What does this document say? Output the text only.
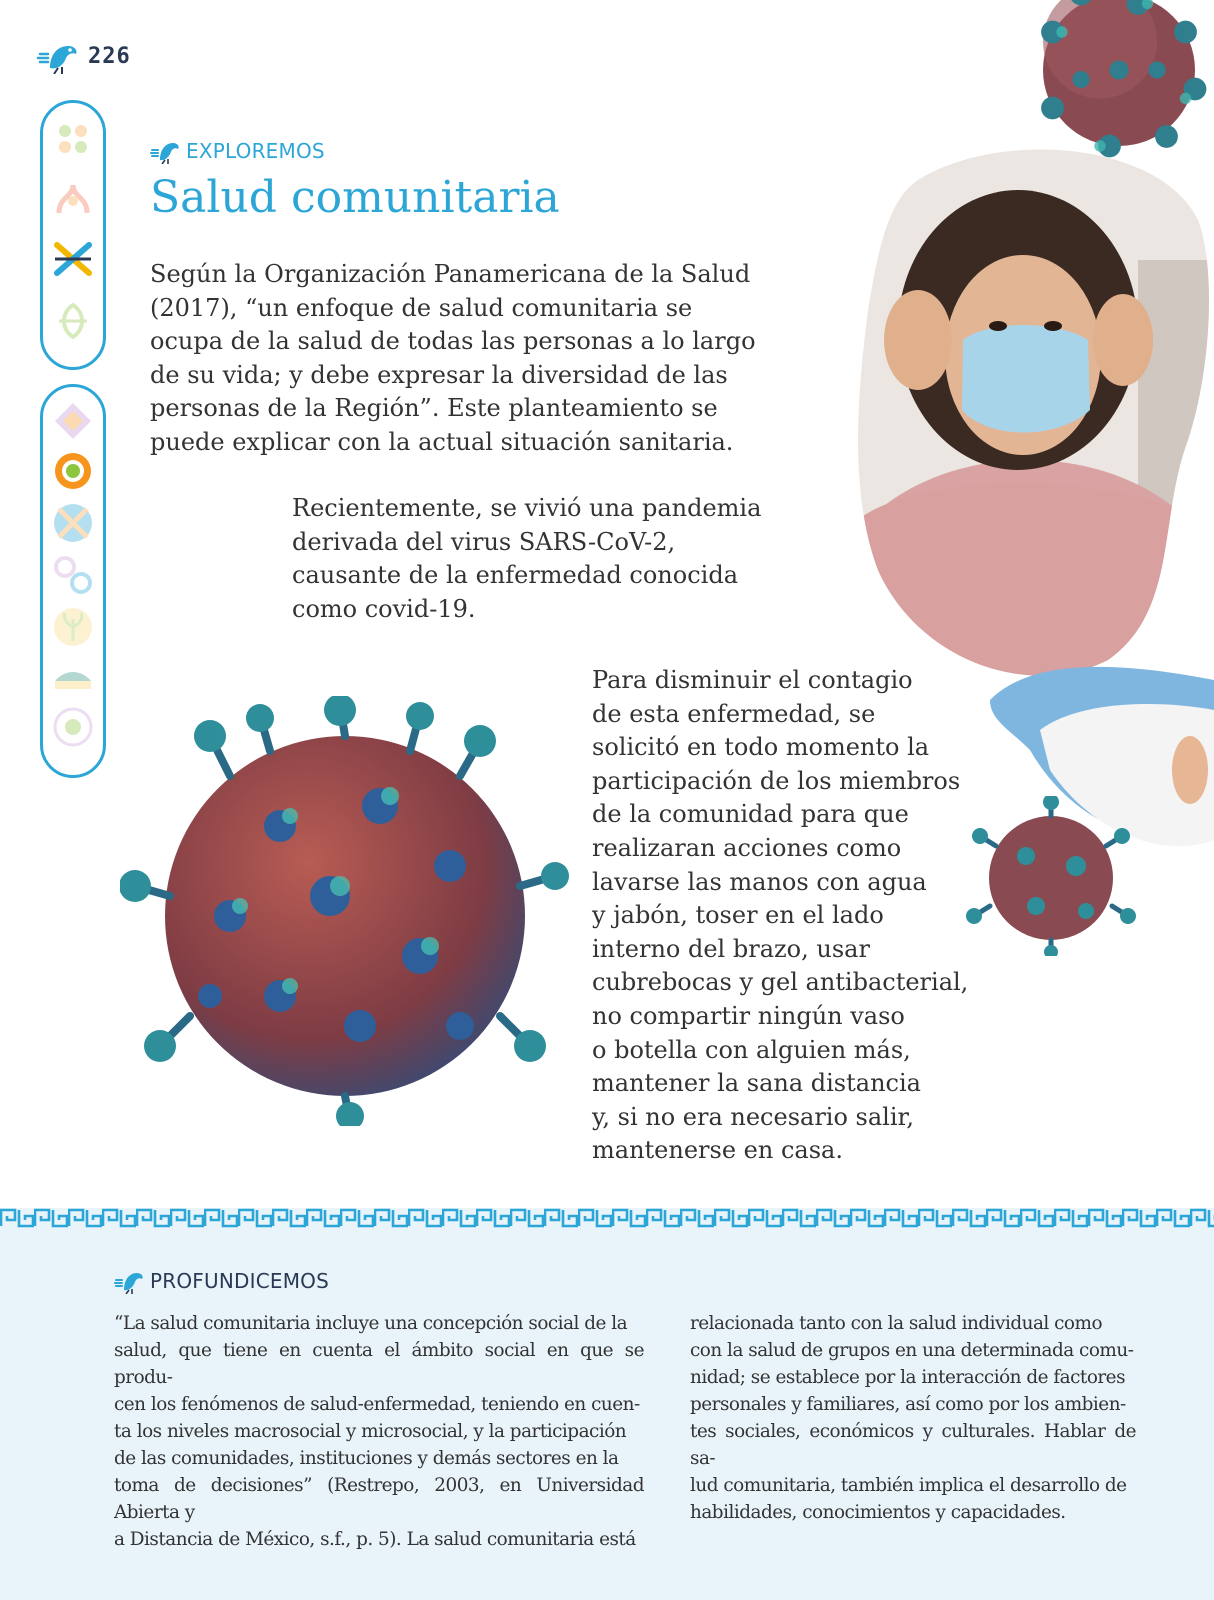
226
EXPLOREMOS
Salud comunitaria

Según la Organización Panamericana de la Salud
(2017), “un enfoque de salud comunitaria se
ocupa de la salud de todas las personas a lo largo
de su vida; y debe expresar la diversidad de las
personas de la Región”. Este planteamiento se
puede explicar con la actual situación sanitaria.

Recientemente, se vivió una pandemia
derivada del virus SARS-CoV-2,
causante de la enfermedad conocida
como covid-19.

Para disminuir el contagio
de esta enfermedad, se
solicitó en todo momento la
participación de los miembros
de la comunidad para que
realizaran acciones como
lavarse las manos con agua
y jabón, toser en el lado
interno del brazo, usar
cubrebocas y gel antibacterial,
no compartir ningún vaso
o botella con alguien más,
mantener la sana distancia
y, si no era necesario salir,
mantenerse en casa.

PROFUNDICEMOS

“La salud comunitaria incluye una concepción social de la
salud, que tiene en cuenta el ámbito social en que se produ-
cen los fenómenos de salud-enfermedad, teniendo en cuen-
ta los niveles macrosocial y microsocial, y la participación
de las comunidades, instituciones y demás sectores en la
toma de decisiones” (Restrepo, 2003, en Universidad Abierta y
a Distancia de México, s.f., p. 5). La salud comunitaria está

relacionada tanto con la salud individual como
con la salud de grupos en una determinada comu-
nidad; se establece por la interacción de factores
personales y familiares, así como por los ambien-
tes sociales, económicos y culturales. Hablar de sa-
lud comunitaria, también implica el desarrollo de
habilidades, conocimientos y capacidades.
